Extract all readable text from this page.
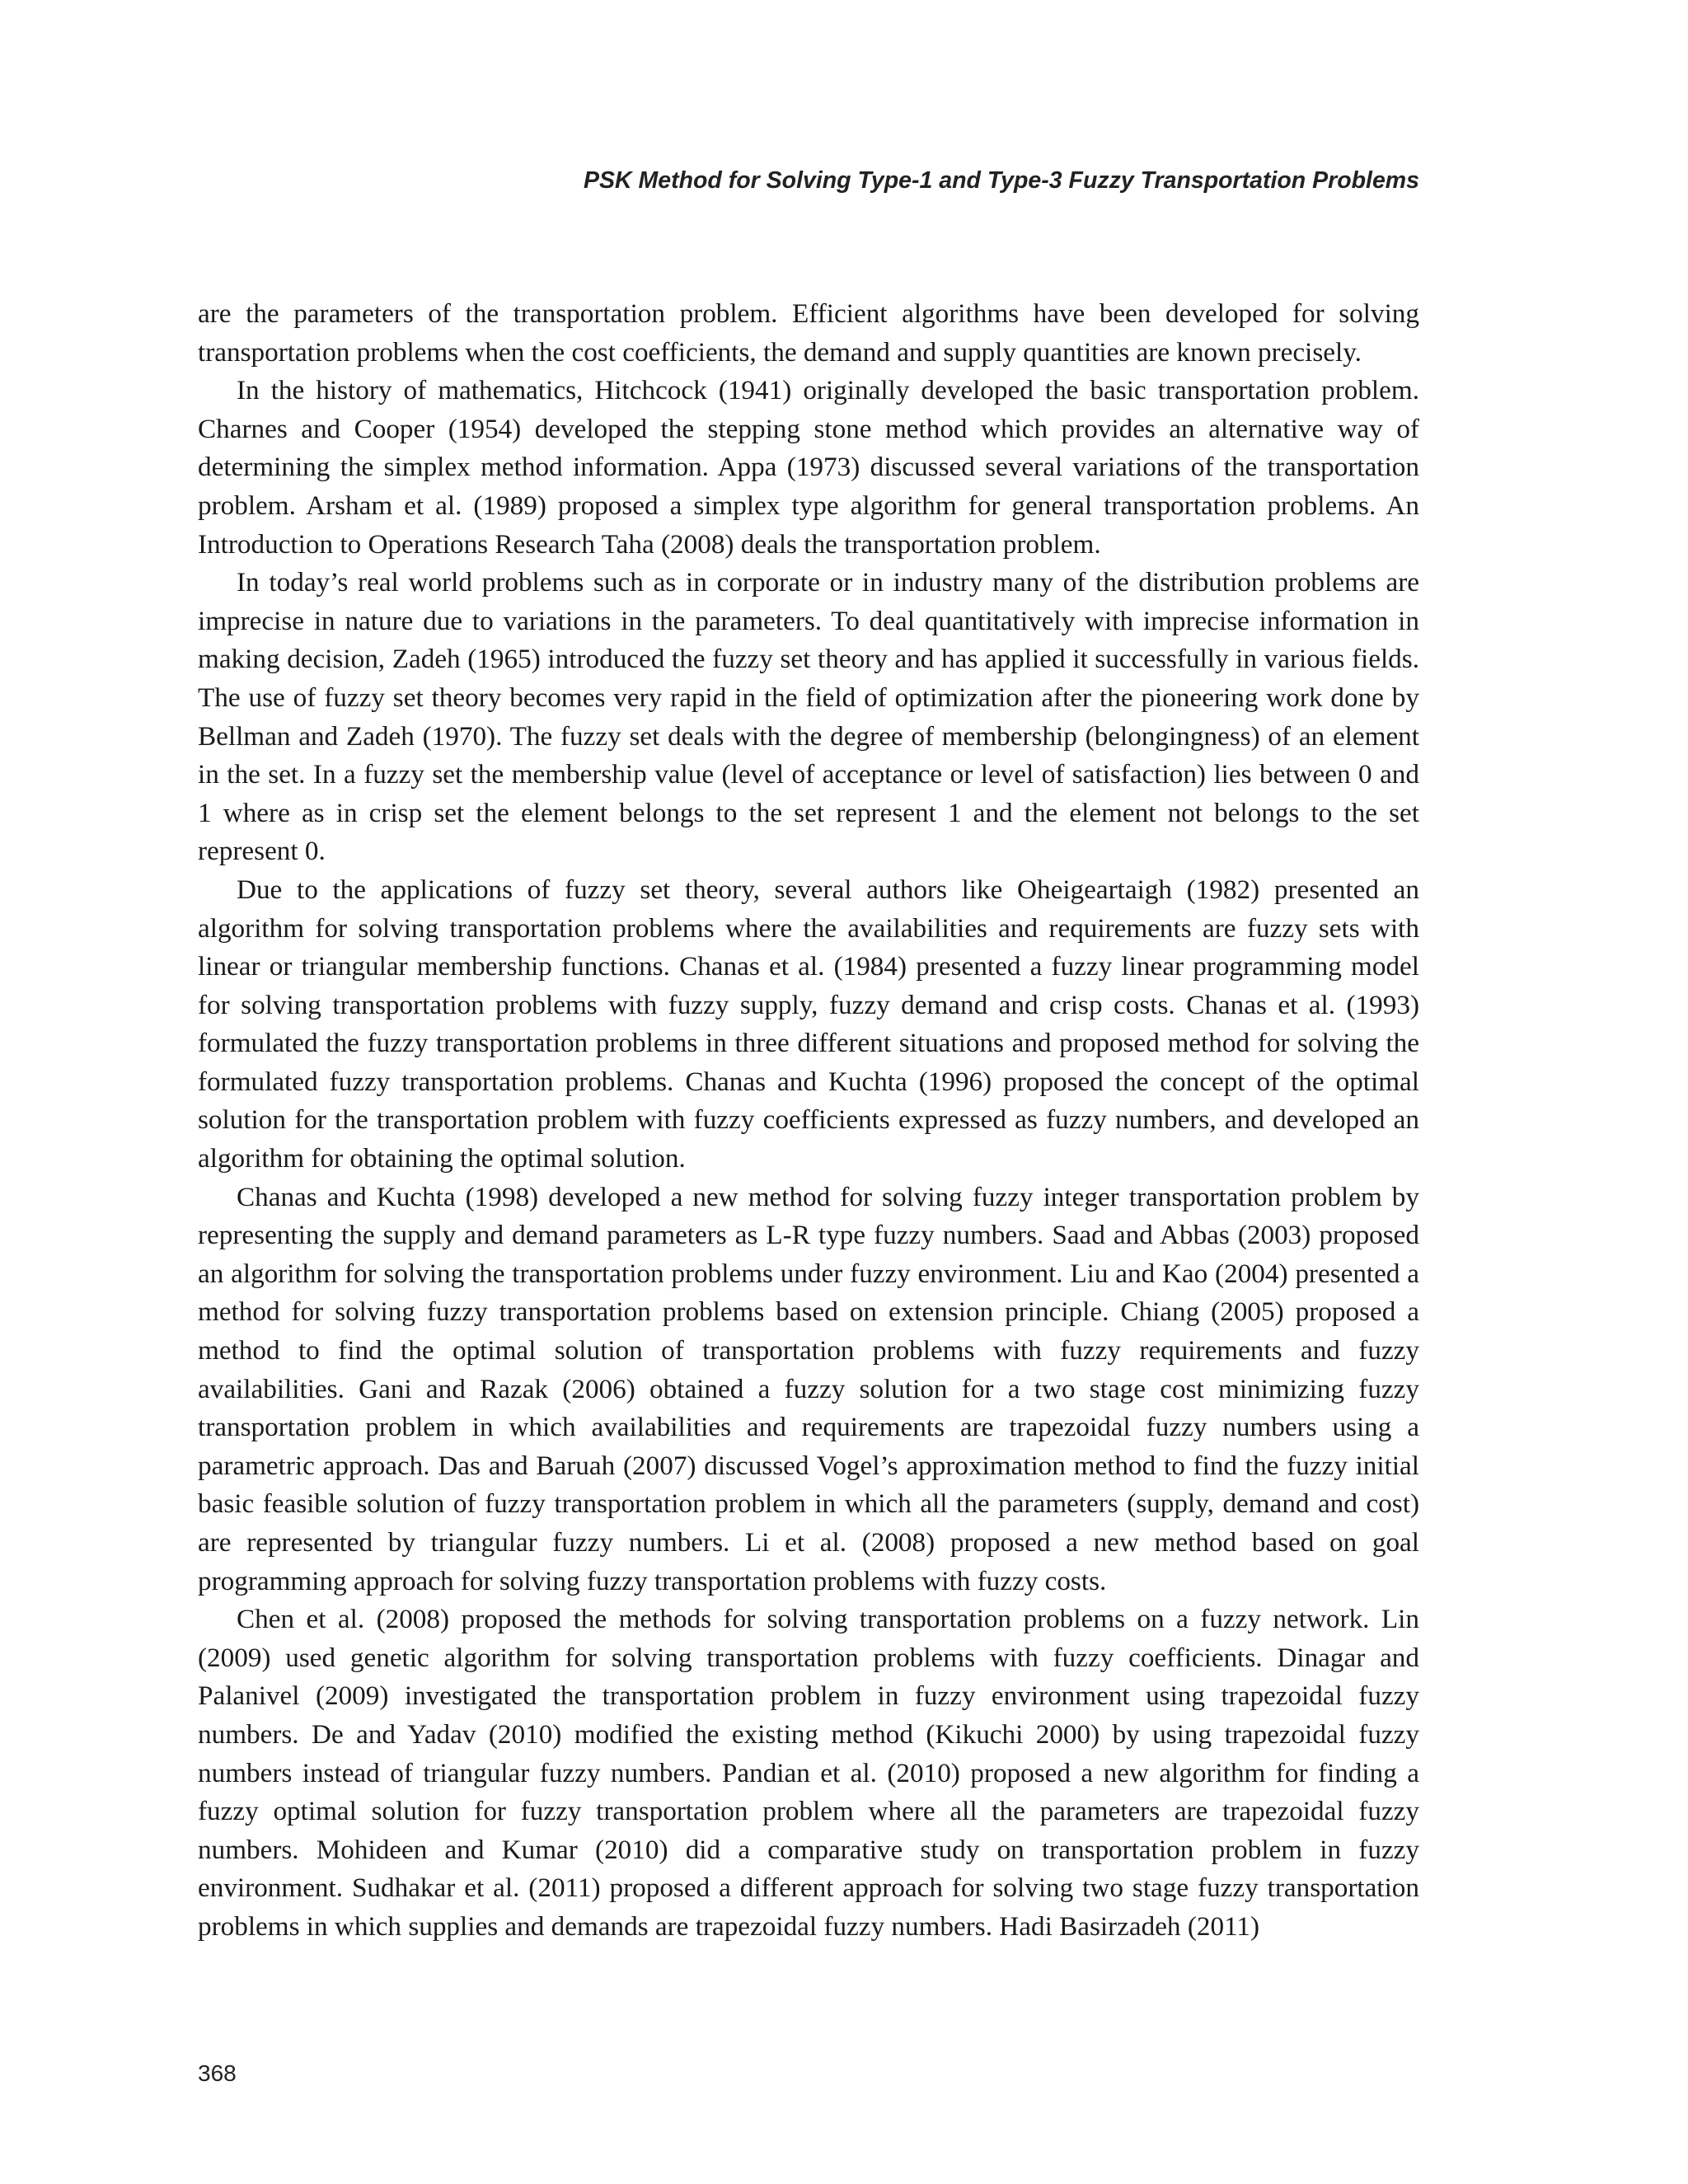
PSK Method for Solving Type-1 and Type-3 Fuzzy Transportation Problems

are the parameters of the transportation problem. Efficient algorithms have been developed for solving transportation problems when the cost coefficients, the demand and supply quantities are known precisely.

In the history of mathematics, Hitchcock (1941) originally developed the basic transportation problem. Charnes and Cooper (1954) developed the stepping stone method which provides an alternative way of determining the simplex method information. Appa (1973) discussed several variations of the transportation problem. Arsham et al. (1989) proposed a simplex type algorithm for general transportation problems. An Introduction to Operations Research Taha (2008) deals the transportation problem.

In today’s real world problems such as in corporate or in industry many of the distribution problems are imprecise in nature due to variations in the parameters. To deal quantitatively with imprecise information in making decision, Zadeh (1965) introduced the fuzzy set theory and has applied it successfully in various fields. The use of fuzzy set theory becomes very rapid in the field of optimization after the pioneering work done by Bellman and Zadeh (1970). The fuzzy set deals with the degree of membership (belongingness) of an element in the set. In a fuzzy set the membership value (level of acceptance or level of satisfaction) lies between 0 and 1 where as in crisp set the element belongs to the set represent 1 and the element not belongs to the set represent 0.

Due to the applications of fuzzy set theory, several authors like Oheigeartaigh (1982) presented an algorithm for solving transportation problems where the availabilities and requirements are fuzzy sets with linear or triangular membership functions. Chanas et al. (1984) presented a fuzzy linear programming model for solving transportation problems with fuzzy supply, fuzzy demand and crisp costs. Chanas et al. (1993) formulated the fuzzy transportation problems in three different situations and proposed method for solving the formulated fuzzy transportation problems. Chanas and Kuchta (1996) proposed the concept of the optimal solution for the transportation problem with fuzzy coefficients expressed as fuzzy numbers, and developed an algorithm for obtaining the optimal solution.

Chanas and Kuchta (1998) developed a new method for solving fuzzy integer transportation problem by representing the supply and demand parameters as L-R type fuzzy numbers. Saad and Abbas (2003) proposed an algorithm for solving the transportation problems under fuzzy environment. Liu and Kao (2004) presented a method for solving fuzzy transportation problems based on extension principle. Chiang (2005) proposed a method to find the optimal solution of transportation problems with fuzzy requirements and fuzzy availabilities. Gani and Razak (2006) obtained a fuzzy solution for a two stage cost minimizing fuzzy transportation problem in which availabilities and requirements are trapezoidal fuzzy numbers using a parametric approach. Das and Baruah (2007) discussed Vogel’s approximation method to find the fuzzy initial basic feasible solution of fuzzy transportation problem in which all the parameters (supply, demand and cost) are represented by triangular fuzzy numbers. Li et al. (2008) proposed a new method based on goal programming approach for solving fuzzy transportation problems with fuzzy costs.

Chen et al. (2008) proposed the methods for solving transportation problems on a fuzzy network. Lin (2009) used genetic algorithm for solving transportation problems with fuzzy coefficients. Dinagar and Palanivel (2009) investigated the transportation problem in fuzzy environment using trapezoidal fuzzy numbers. De and Yadav (2010) modified the existing method (Kikuchi 2000) by using trapezoidal fuzzy numbers instead of triangular fuzzy numbers. Pandian et al. (2010) proposed a new algorithm for finding a fuzzy optimal solution for fuzzy transportation problem where all the parameters are trapezoidal fuzzy numbers. Mohideen and Kumar (2010) did a comparative study on transportation problem in fuzzy environment. Sudhakar et al. (2011) proposed a different approach for solving two stage fuzzy transportation problems in which supplies and demands are trapezoidal fuzzy numbers. Hadi Basirzadeh (2011)

368
